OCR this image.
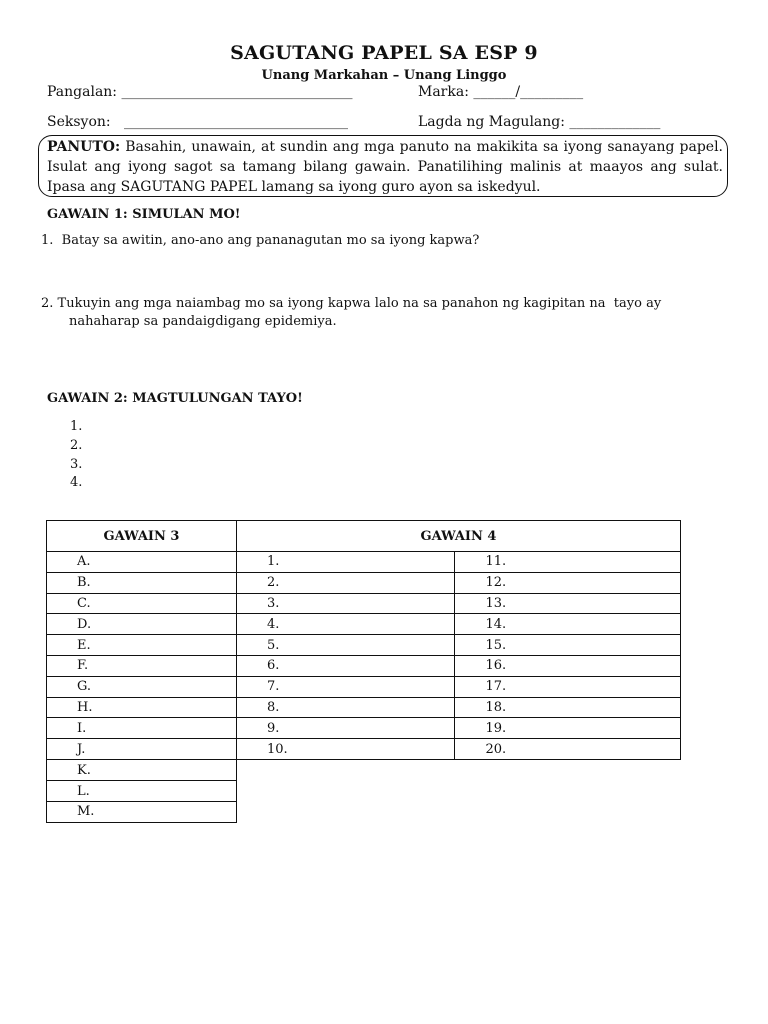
SAGUTANG PAPEL SA ESP 9
Unang Markahan – Unang Linggo
Pangalan: _________________________________	Marka: ______/_________
Seksyon:   ________________________________	Lagda ng Magulang: _____________
PANUTO: Basahin, unawain, at sundin ang mga panuto na makikita sa iyong sanayang papel. Isulat ang iyong sagot sa tamang bilang gawain. Panatilihing malinis at maayos ang sulat. Ipasa ang SAGUTANG PAPEL lamang sa iyong guro ayon sa iskedyul.
GAWAIN 1: SIMULAN MO!
1.  Batay sa awitin, ano-ano ang pananagutan mo sa iyong kapwa?
2. Tukuyin ang mga naiambag mo sa iyong kapwa lalo na sa panahon ng kagipitan na  tayo ay
nahaharap sa pandaigdigang epidemiya.
GAWAIN 2: MAGTULUNGAN TAYO!
1.
2.
3.
4.
GAWAIN 3	GAWAIN 4	
A.	1.	11.
B.	2.	12.
C.	3.	13.
D.	4.	14.
E.	5.	15.
F.	6.	16.
G.	7.	17.
H.	8.	18.
I.	9.	19.
J.	10.	20.
K.		
L.		
M.		
